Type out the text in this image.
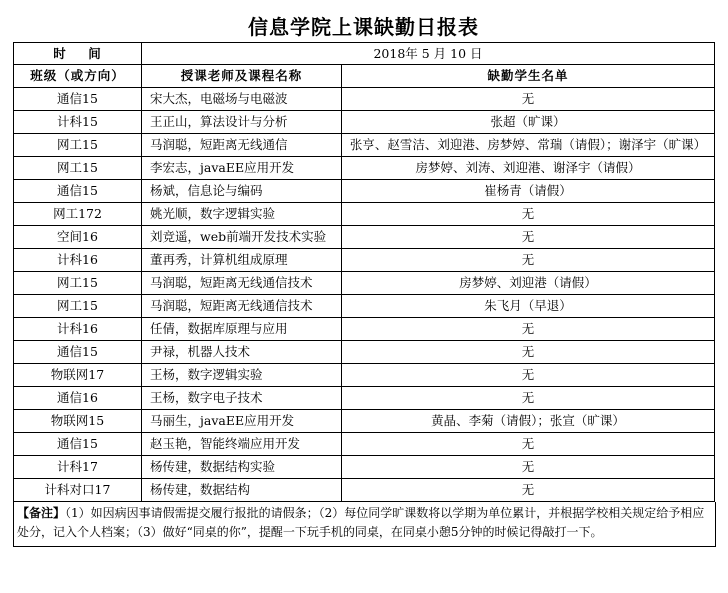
信息学院上课缺勤日报表
时    间	2018年 5 月 10 日	
班级（或方向）	授课老师及课程名称	缺勤学生名单
通信15	宋大杰，电磁场与电磁波	无
计科15	王正山，算法设计与分析	张超（旷课）
网工15	马润聪，短距离无线通信	张亨、赵雪洁、刘迎港、房梦婷、常瑞（请假）；谢泽宇（旷课）
网工15	李宏志，javaEE应用开发	房梦婷、刘涛、刘迎港、谢泽宇（请假）
通信15	杨斌，信息论与编码	崔杨青（请假）
网工172	姚光顺，数字逻辑实验	无
空间16	刘竞遥，web前端开发技术实验	无
计科16	董再秀，计算机组成原理	无
网工15	马润聪，短距离无线通信技术	房梦婷、刘迎港（请假）
网工15	马润聪，短距离无线通信技术	朱飞月（早退）
计科16	任倩，数据库原理与应用	无
通信15	尹禄，机器人技术	无
物联网17	王杨，数字逻辑实验	无
通信16	王杨，数字电子技术	无
物联网15	马丽生，javaEE应用开发	黄晶、李菊（请假）；张宣（旷课）
通信15	赵玉艳，智能终端应用开发	无
计科17	杨传建，数据结构实验	无
计科对口17	杨传建，数据结构	无
【备注】（1）如因病因事请假需提交履行报批的请假条；（2）每位同学旷课数将以学期为单位累计，并根据学校相关规定给予相应处分，记入个人档案；（3）做好“同桌的你”，提醒一下玩手机的同桌，在同桌小憩5分钟的时候记得敲打一下。
